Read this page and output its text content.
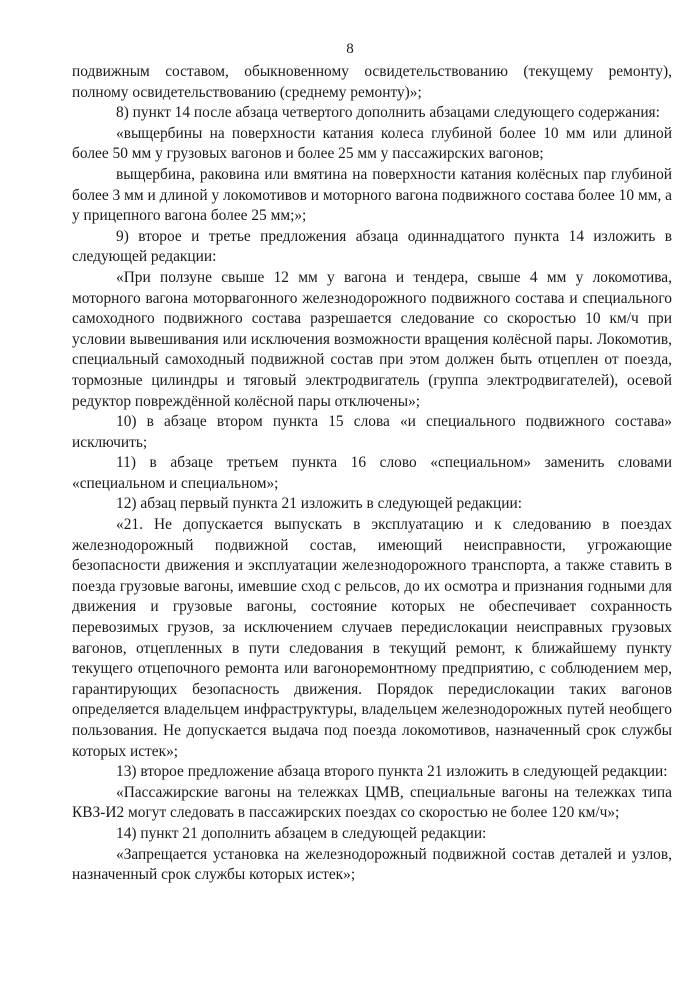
8

подвижным составом, обыкновенному освидетельствованию (текущему ремонту), полному освидетельствованию (среднему ремонту)»;

8) пункт 14 после абзаца четвертого дополнить абзацами следующего содержания:

«выщербины на поверхности катания колеса глубиной более 10 мм или длиной более 50 мм у грузовых вагонов и более 25 мм у пассажирских вагонов;

выщербина, раковина или вмятина на поверхности катания колёсных пар глубиной более 3 мм и длиной у локомотивов и моторного вагона подвижного состава более 10 мм, а у прицепного вагона более 25 мм;»;

9) второе и третье предложения абзаца одиннадцатого пункта 14 изложить в следующей редакции:

«При ползуне свыше 12 мм у вагона и тендера, свыше 4 мм у локомотива, моторного вагона моторвагонного железнодорожного подвижного состава и специального самоходного подвижного состава разрешается следование со скоростью 10 км/ч при условии вывешивания или исключения возможности вращения колёсной пары. Локомотив, специальный самоходный подвижной состав при этом должен быть отцеплен от поезда, тормозные цилиндры и тяговый электродвигатель (группа электродвигателей), осевой редуктор повреждённой колёсной пары отключены»;

10) в абзаце втором пункта 15 слова «и специального подвижного состава» исключить;

11) в абзаце третьем пункта 16 слово «специальном» заменить словами «специальном и специальном»;

12) абзац первый пункта 21 изложить в следующей редакции:

«21. Не допускается выпускать в эксплуатацию и к следованию в поездах железнодорожный подвижной состав, имеющий неисправности, угрожающие безопасности движения и эксплуатации железнодорожного транспорта, а также ставить в поезда грузовые вагоны, имевшие сход с рельсов, до их осмотра и признания годными для движения и грузовые вагоны, состояние которых не обеспечивает сохранность перевозимых грузов, за исключением случаев передислокации неисправных грузовых вагонов, отцепленных в пути следования в текущий ремонт, к ближайшему пункту текущего отцепочного ремонта или вагоноремонтному предприятию, с соблюдением мер, гарантирующих безопасность движения. Порядок передислокации таких вагонов определяется владельцем инфраструктуры, владельцем железнодорожных путей необщего пользования. Не допускается выдача под поезда локомотивов, назначенный срок службы которых истек»;

13) второе предложение абзаца второго пункта 21 изложить в следующей редакции:

«Пассажирские вагоны на тележках ЦМВ, специальные вагоны на тележках типа КВЗ-И2 могут следовать в пассажирских поездах со скоростью не более 120 км/ч»;

14) пункт 21 дополнить абзацем в следующей редакции:

«Запрещается установка на железнодорожный подвижной состав деталей и узлов, назначенный срок службы которых истек»;
